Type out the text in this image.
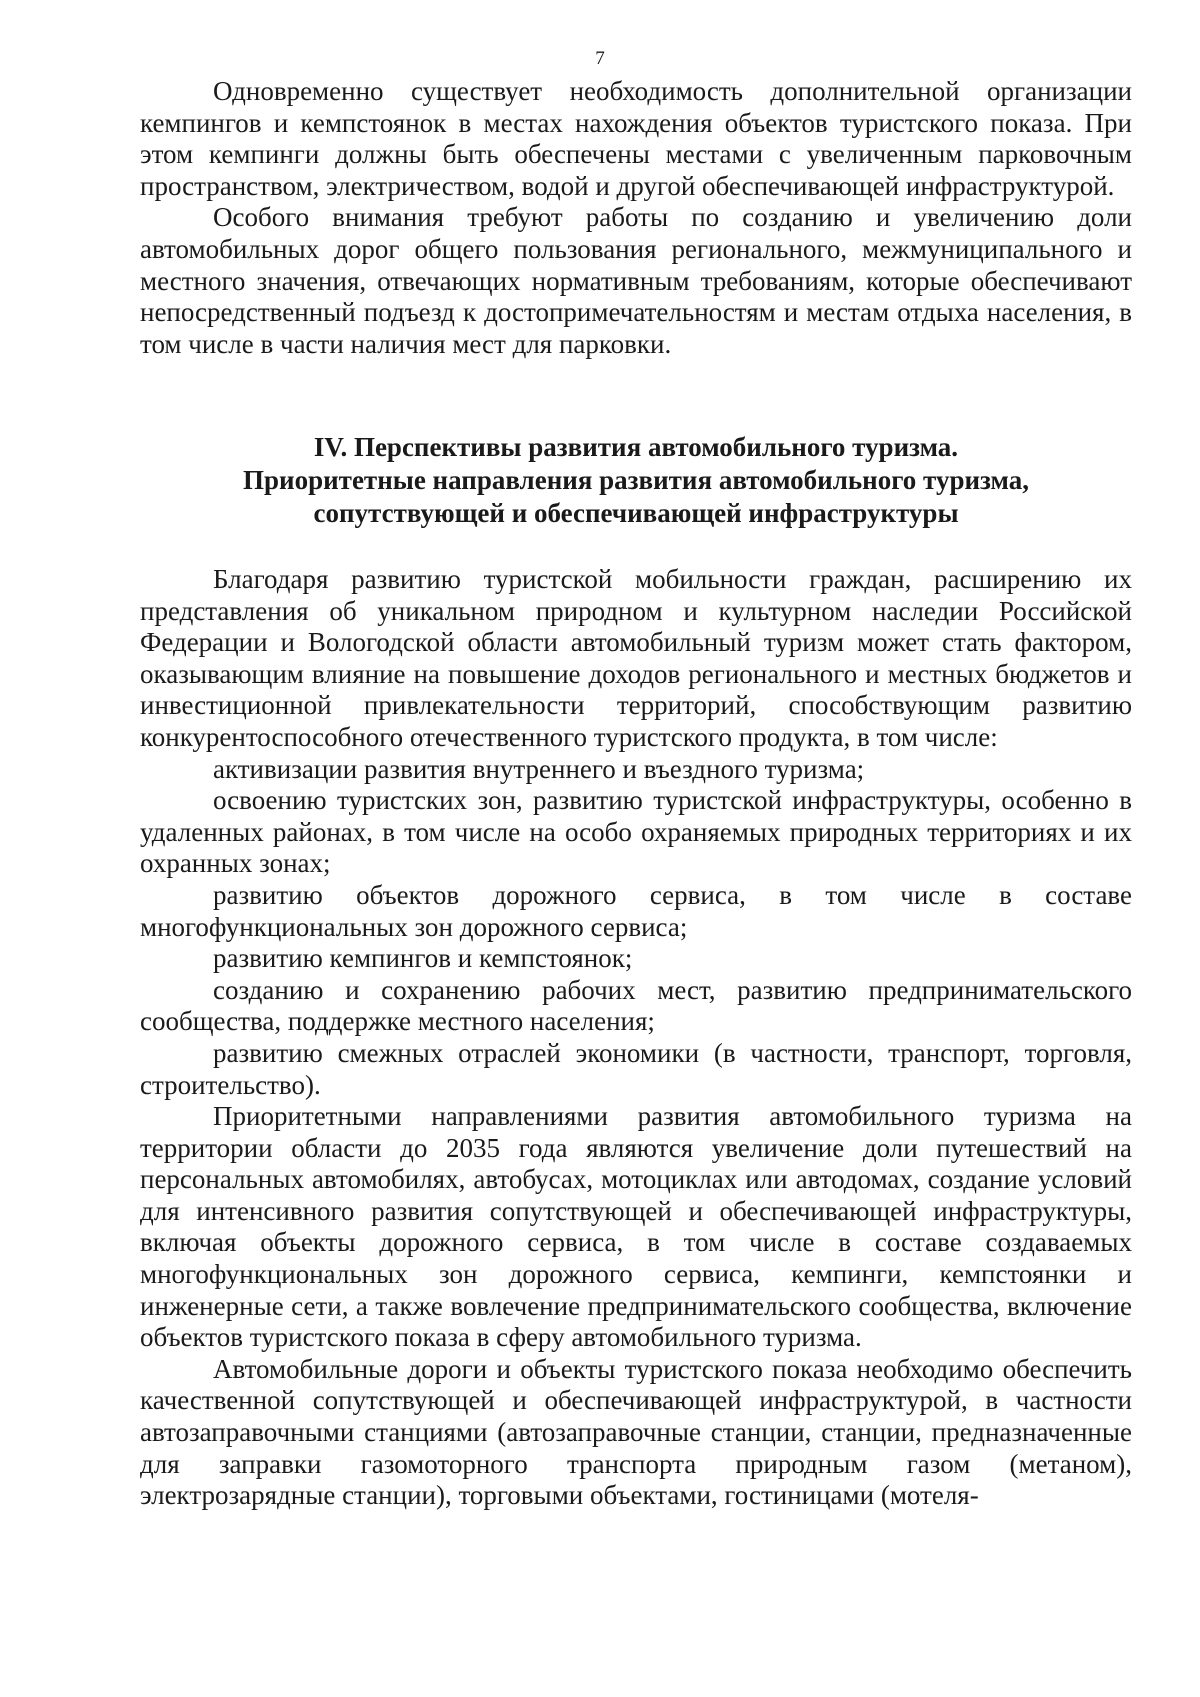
7

Одновременно существует необходимость дополнительной организации кемпингов и кемпстоянок в местах нахождения объектов туристского показа. При этом кемпинги должны быть обеспечены местами с увеличенным парковочным пространством, электричеством, водой и другой обеспечивающей инфраструктурой.

Особого внимания требуют работы по созданию и увеличению доли автомобильных дорог общего пользования регионального, межмуниципального и местного значения, отвечающих нормативным требованиям, которые обеспечивают непосредственный подъезд к достопримечательностям и местам отдыха населения, в том числе в части наличия мест для парковки.

IV. Перспективы развития автомобильного туризма.
Приоритетные направления развития автомобильного туризма,
сопутствующей и обеспечивающей инфраструктуры

Благодаря развитию туристской мобильности граждан, расширению их представления об уникальном природном и культурном наследии Российской Федерации и Вологодской области автомобильный туризм может стать фактором, оказывающим влияние на повышение доходов регионального и местных бюджетов и инвестиционной привлекательности территорий, способствующим развитию конкурентоспособного отечественного туристского продукта, в том числе:

активизации развития внутреннего и въездного туризма;

освоению туристских зон, развитию туристской инфраструктуры, особенно в удаленных районах, в том числе на особо охраняемых природных территориях и их охранных зонах;

развитию объектов дорожного сервиса, в том числе в составе многофункциональных зон дорожного сервиса;

развитию кемпингов и кемпстоянок;

созданию и сохранению рабочих мест, развитию предпринимательского сообщества, поддержке местного населения;

развитию смежных отраслей экономики (в частности, транспорт, торговля, строительство).

Приоритетными направлениями развития автомобильного туризма на территории области до 2035 года являются увеличение доли путешествий на персональных автомобилях, автобусах, мотоциклах или автодомах, создание условий для интенсивного развития сопутствующей и обеспечивающей инфраструктуры, включая объекты дорожного сервиса, в том числе в составе создаваемых многофункциональных зон дорожного сервиса, кемпинги, кемпстоянки и инженерные сети, а также вовлечение предпринимательского сообщества, включение объектов туристского показа в сферу автомобильного туризма.

Автомобильные дороги и объекты туристского показа необходимо обеспечить качественной сопутствующей и обеспечивающей инфраструктурой, в частности автозаправочными станциями (автозаправочные станции, станции, предназначенные для заправки газомоторного транспорта природным газом (метаном), электрозарядные станции), торговыми объектами, гостиницами (мотеля-
